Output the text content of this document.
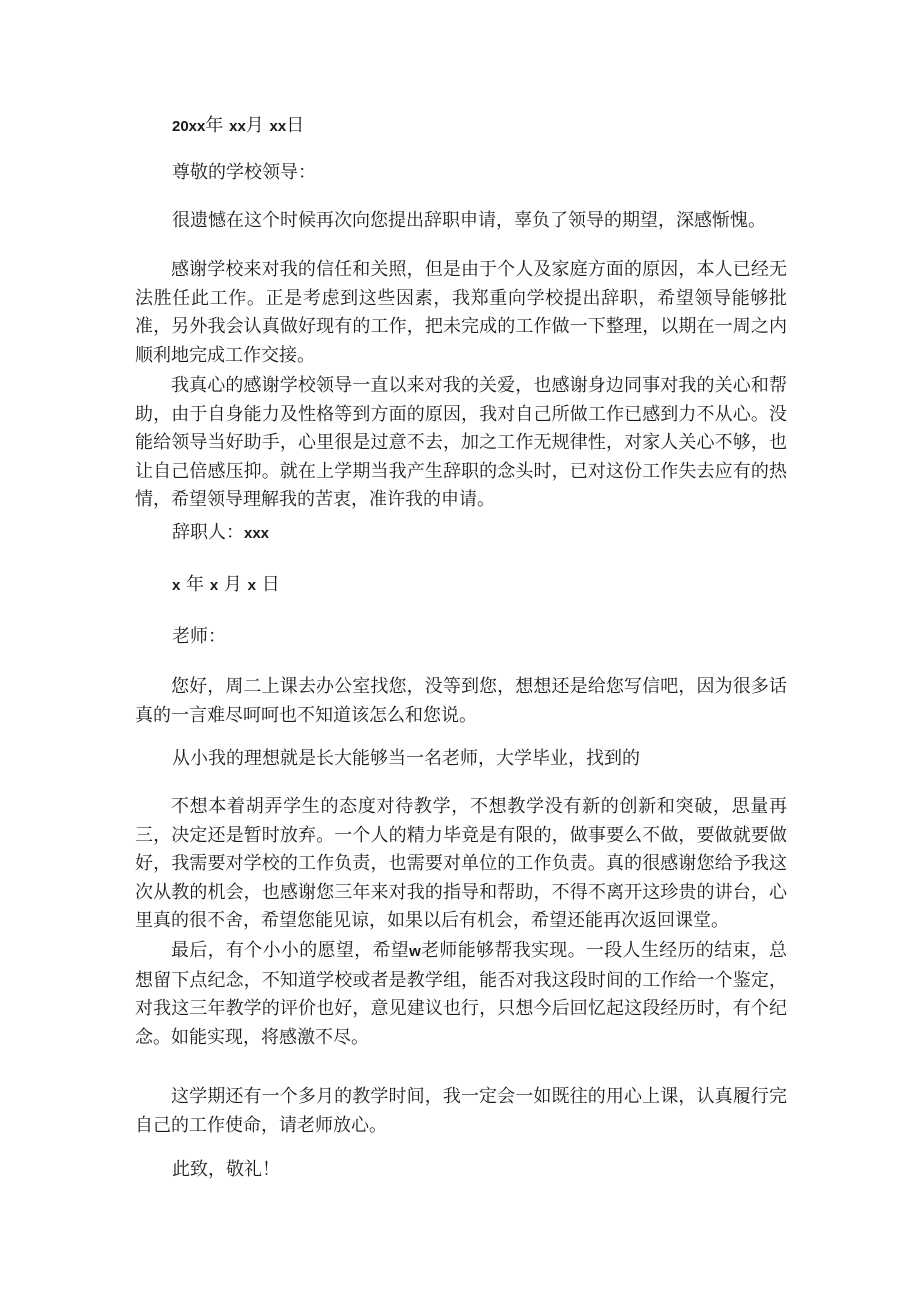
20xx年 xx月 xx日
尊敬的学校领导：
很遗憾在这个时候再次向您提出辞职申请，辜负了领导的期望，深感惭愧。
感谢学校来对我的信任和关照，但是由于个人及家庭方面的原因，本人已经无法胜任此工作。正是考虑到这些因素，我郑重向学校提出辞职，希望领导能够批准，另外我会认真做好现有的工作，把未完成的工作做一下整理，以期在一周之内顺利地完成工作交接。
我真心的感谢学校领导一直以来对我的关爱，也感谢身边同事对我的关心和帮助，由于自身能力及性格等到方面的原因，我对自己所做工作已感到力不从心。没能给领导当好助手，心里很是过意不去，加之工作无规律性，对家人关心不够，也让自己倍感压抑。就在上学期当我产生辞职的念头时，已对这份工作失去应有的热情，希望领导理解我的苦衷，准许我的申请。
辞职人：xxx
x 年 x 月 x 日
老师：
您好，周二上课去办公室找您，没等到您，想想还是给您写信吧，因为很多话真的一言难尽呵呵也不知道该怎么和您说。
从小我的理想就是长大能够当一名老师，大学毕业，找到的
不想本着胡弄学生的态度对待教学，不想教学没有新的创新和突破，思量再三，决定还是暂时放弃。一个人的精力毕竟是有限的，做事要么不做，要做就要做好，我需要对学校的工作负责，也需要对单位的工作负责。真的很感谢您给予我这次从教的机会，也感谢您三年来对我的指导和帮助，不得不离开这珍贵的讲台，心里真的很不舍，希望您能见谅，如果以后有机会，希望还能再次返回课堂。
最后，有个小小的愿望，希望w老师能够帮我实现。一段人生经历的结束，总想留下点纪念，不知道学校或者是教学组，能否对我这段时间的工作给一个鉴定，对我这三年教学的评价也好，意见建议也行，只想今后回忆起这段经历时，有个纪念。如能实现，将感激不尽。
这学期还有一个多月的教学时间，我一定会一如既往的用心上课，认真履行完自己的工作使命，请老师放心。
此致，敬礼！
